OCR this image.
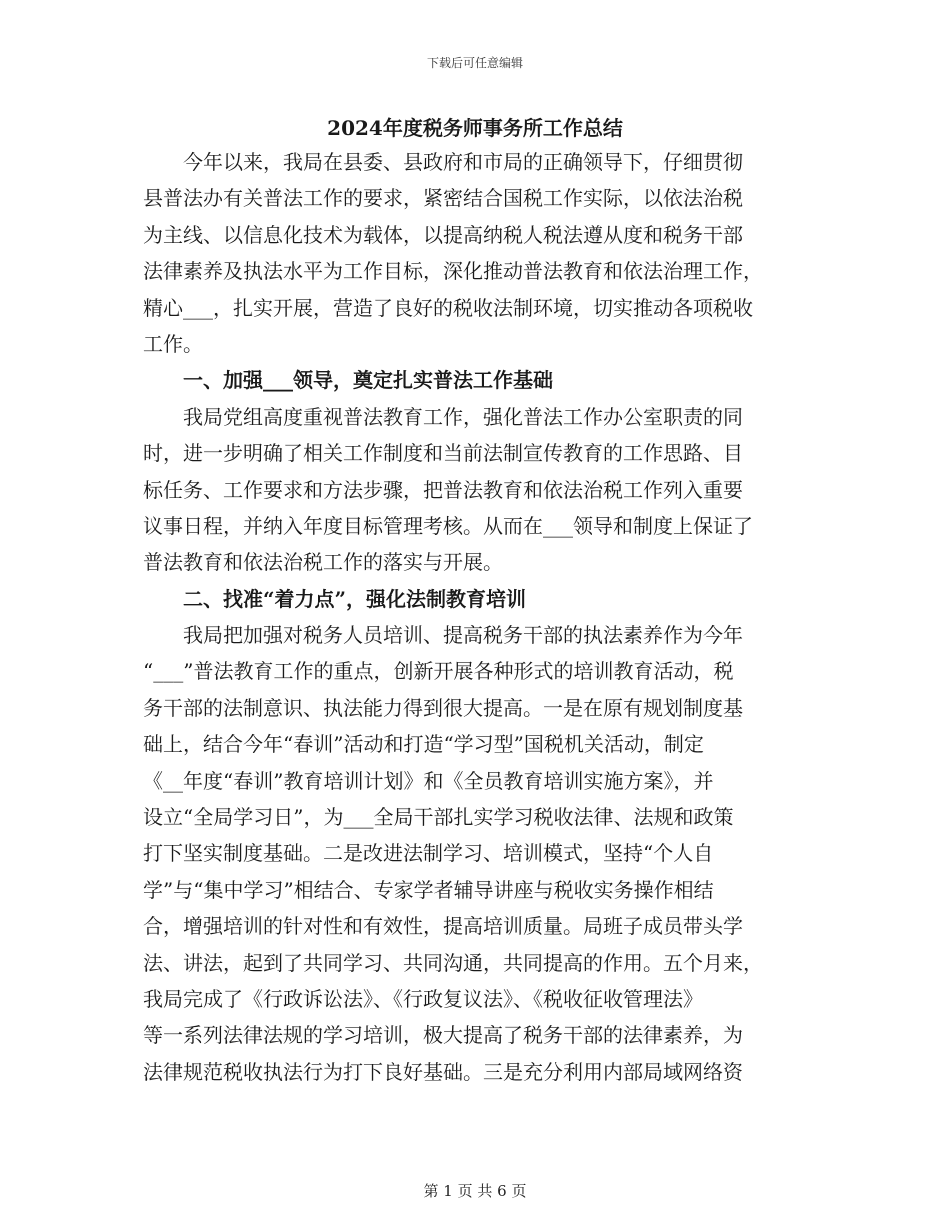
下载后可任意编辑
2024年度税务师事务所工作总结
今年以来，我局在县委、县政府和市局的正确领导下，仔细贯彻
县普法办有关普法工作的要求，紧密结合国税工作实际，以依法治税
为主线、以信息化技术为载体，以提高纳税人税法遵从度和税务干部
法律素养及执法水平为工作目标，深化推动普法教育和依法治理工作，
精心___，扎实开展，营造了良好的税收法制环境，切实推动各项税收
工作。
一、加强___领导，奠定扎实普法工作基础
我局党组高度重视普法教育工作，强化普法工作办公室职责的同
时，进一步明确了相关工作制度和当前法制宣传教育的工作思路、目
标任务、工作要求和方法步骤，把普法教育和依法治税工作列入重要
议事日程，并纳入年度目标管理考核。从而在___领导和制度上保证了
普法教育和依法治税工作的落实与开展。
二、找准“着力点”，强化法制教育培训
我局把加强对税务人员培训、提高税务干部的执法素养作为今年
“___”普法教育工作的重点，创新开展各种形式的培训教育活动，税
务干部的法制意识、执法能力得到很大提高。一是在原有规划制度基
础上，结合今年“春训”活动和打造“学习型”国税机关活动，制定
《__年度“春训”教育培训计划》和《全员教育培训实施方案》，并
设立“全局学习日”，为___全局干部扎实学习税收法律、法规和政策
打下坚实制度基础。二是改进法制学习、培训模式，坚持“个人自
学”与“集中学习”相结合、专家学者辅导讲座与税收实务操作相结
合，增强培训的针对性和有效性，提高培训质量。局班子成员带头学
法、讲法，起到了共同学习、共同沟通，共同提高的作用。五个月来，
我局完成了《行政诉讼法》、《行政复议法》、《税收征收管理法》
等一系列法律法规的学习培训，极大提高了税务干部的法律素养，为
法律规范税收执法行为打下良好基础。三是充分利用内部局域网络资
第 1 页 共 6 页
